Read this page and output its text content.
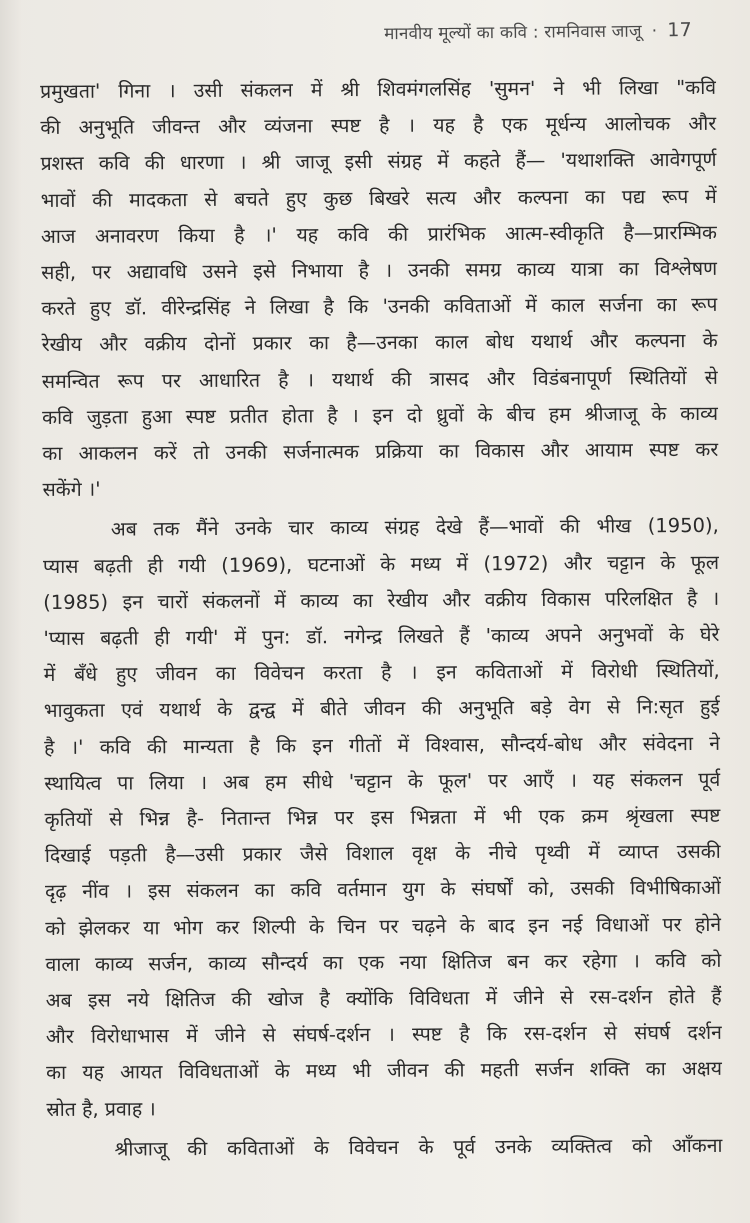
मानवीय मूल्यों का कवि : रामनिवास जाजू · 17
प्रमुखता' गिना । उसी संकलन में श्री शिवमंगलसिंह 'सुमन' ने भी लिखा "कवि
की अनुभूति जीवन्त और व्यंजना स्पष्ट है । यह है एक मूर्धन्य आलोचक और
प्रशस्त कवि की धारणा । श्री जाजू इसी संग्रह में कहते हैं— 'यथाशक्ति आवेगपूर्ण
भावों की मादकता से बचते हुए कुछ बिखरे सत्य और कल्पना का पद्य रूप में
आज अनावरण किया है ।' यह कवि की प्रारंभिक आत्म-स्वीकृति है—प्रारम्भिक
सही, पर अद्यावधि उसने इसे निभाया है । उनकी समग्र काव्य यात्रा का विश्लेषण
करते हुए डॉ. वीरेन्द्रसिंह ने लिखा है कि 'उनकी कविताओं में काल सर्जना का रूप
रेखीय और वक्रीय दोनों प्रकार का है—उनका काल बोध यथार्थ और कल्पना के
समन्वित रूप पर आधारित है । यथार्थ की त्रासद और विडंबनापूर्ण स्थितियों से
कवि जुड़ता हुआ स्पष्ट प्रतीत होता है । इन दो ध्रुवों के बीच हम श्रीजाजू के काव्य
का आकलन करें तो उनकी सर्जनात्मक प्रक्रिया का विकास और आयाम स्पष्ट कर
सकेंगे ।'
अब तक मैंने उनके चार काव्य संग्रह देखे हैं—भावों की भीख (1950),
प्यास बढ़ती ही गयी (1969), घटनाओं के मध्य में (1972) और चट्टान के फूल
(1985) इन चारों संकलनों में काव्य का रेखीय और वक्रीय विकास परिलक्षित है ।
'प्यास बढ़ती ही गयी' में पुन: डॉ. नगेन्द्र लिखते हैं 'काव्य अपने अनुभवों के घेरे
में बँधे हुए जीवन का विवेचन करता है । इन कविताओं में विरोधी स्थितियों,
भावुकता एवं यथार्थ के द्वन्द्व में बीते जीवन की अनुभूति बड़े वेग से नि:सृत हुई
है ।' कवि की मान्यता है कि इन गीतों में विश्वास, सौन्दर्य-बोध और संवेदना ने
स्थायित्व पा लिया । अब हम सीधे 'चट्टान के फूल' पर आएँ । यह संकलन पूर्व
कृतियों से भिन्न है- नितान्त भिन्न पर इस भिन्नता में भी एक क्रम श्रृंखला स्पष्ट
दिखाई पड़ती है—उसी प्रकार जैसे विशाल वृक्ष के नीचे पृथ्वी में व्याप्त उसकी
दृढ़ नींव । इस संकलन का कवि वर्तमान युग के संघर्षों को, उसकी विभीषिकाओं
को झेलकर या भोग कर शिल्पी के चिन पर चढ़ने के बाद इन नई विधाओं पर होने
वाला काव्य सर्जन, काव्य सौन्दर्य का एक नया क्षितिज बन कर रहेगा । कवि को
अब इस नये क्षितिज की खोज है क्योंकि विविधता में जीने से रस-दर्शन होते हैं
और विरोधाभास में जीने से संघर्ष-दर्शन । स्पष्ट है कि रस-दर्शन से संघर्ष दर्शन
का यह आयत विविधताओं के मध्य भी जीवन की महती सर्जन शक्ति का अक्षय
स्रोत है, प्रवाह ।
श्रीजाजू की कविताओं के विवेचन के पूर्व उनके व्यक्तित्व को आँकना
